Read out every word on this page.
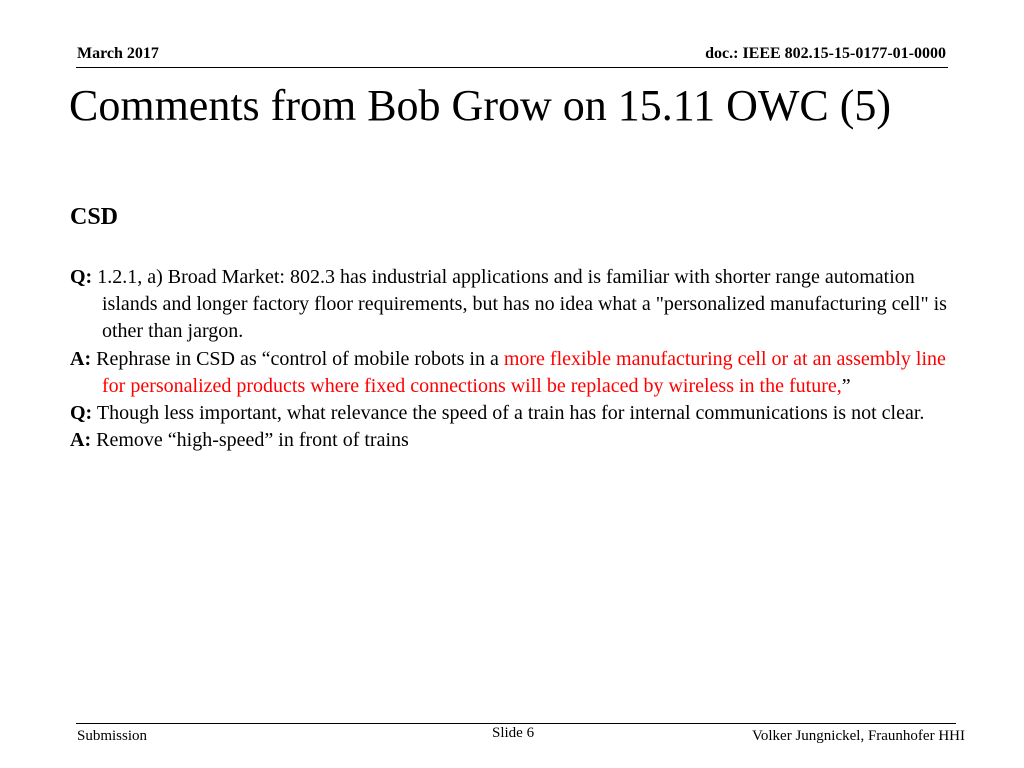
March 2017	doc.: IEEE 802.15-15-0177-01-0000
Comments from Bob Grow on 15.11 OWC (5)
CSD

Q: 1.2.1, a) Broad Market: 802.3 has industrial applications and is familiar with shorter range automation islands and longer factory floor requirements, but has no idea what a "personalized manufacturing cell" is other than jargon.

A: Rephrase in CSD as “control of mobile robots in a more flexible manufacturing cell or at an assembly line for personalized products where fixed connections will be replaced by wireless in the future,”

Q: Though less important, what relevance the speed of a train has for internal communications is not clear.

A: Remove “high-speed” in front of trains

Submission	Slide 6	Volker Jungnickel, Fraunhofer HHI
